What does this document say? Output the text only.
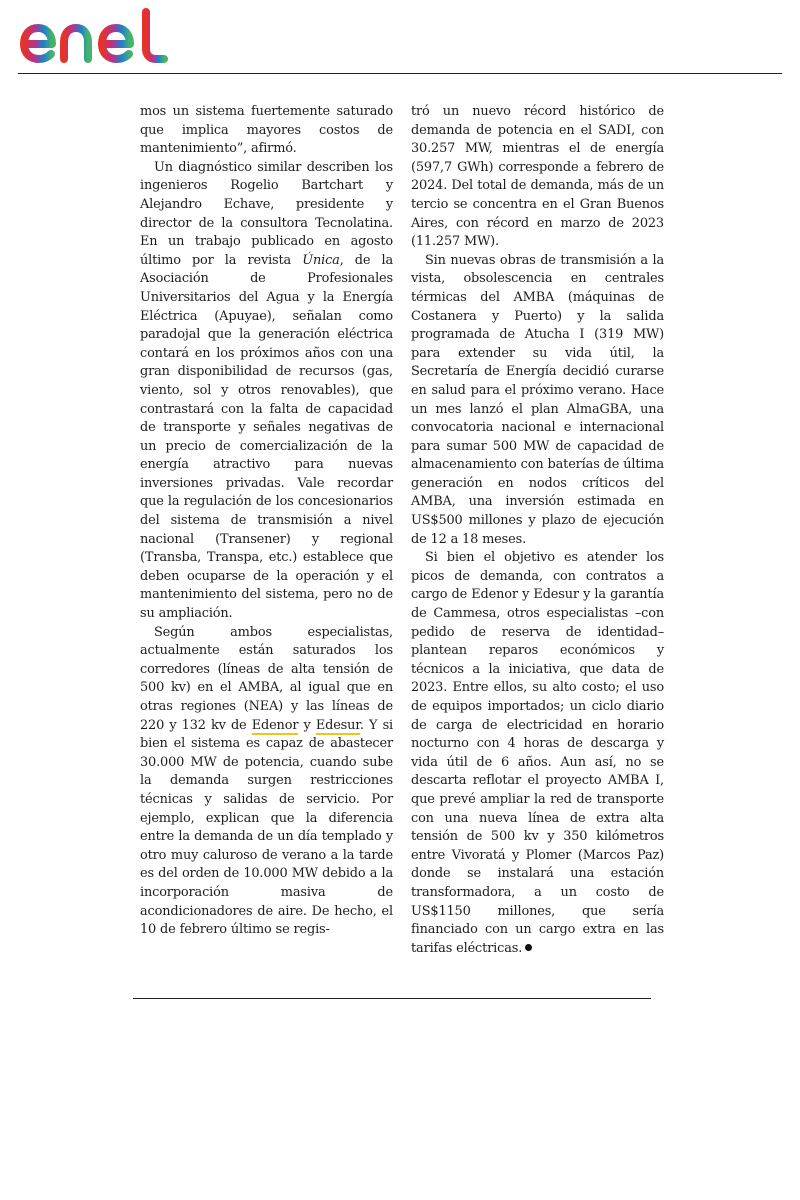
mos un sistema fuertemente saturado que implica mayores costos de mantenimiento”, afirmó.

Un diagnóstico similar describen los ingenieros Rogelio Bartchart y Alejandro Echave, presidente y director de la consultora Tecnolatina. En un trabajo publicado en agosto último por la revista Única, de la Asociación de Profesionales Universitarios del Agua y la Energía Eléctrica (Apuyae), señalan como paradojal que la generación eléctrica contará en los próximos años con una gran disponibilidad de recursos (gas, viento, sol y otros renovables), que contrastará con la falta de capacidad de transporte y señales negativas de un precio de comercialización de la energía atractivo para nuevas inversiones privadas. Vale recordar que la regulación de los concesionarios del sistema de transmisión a nivel nacional (Transener) y regional (Transba, Transpa, etc.) establece que deben ocuparse de la operación y el mantenimiento del sistema, pero no de su ampliación.

Según ambos especialistas, actualmente están saturados los corredores (líneas de alta tensión de 500 kv) en el AMBA, al igual que en otras regiones (NEA) y las líneas de 220 y 132 kv de Edenor y Edesur. Y si bien el sistema es capaz de abastecer 30.000 MW de potencia, cuando sube la demanda surgen restricciones técnicas y salidas de servicio. Por ejemplo, explican que la diferencia entre la demanda de un día templado y otro muy caluroso de verano a la tarde es del orden de 10.000 MW debido a la incorporación masiva de acondicionadores de aire. De hecho, el 10 de febrero último se regis-

tró un nuevo récord histórico de demanda de potencia en el SADI, con 30.257 MW, mientras el de energía (597,7 GWh) corresponde a febrero de 2024. Del total de demanda, más de un tercio se concentra en el Gran Buenos Aires, con récord en marzo de 2023 (11.257 MW).

Sin nuevas obras de transmisión a la vista, obsolescencia en centrales térmicas del AMBA (máquinas de Costanera y Puerto) y la salida programada de Atucha I (319 MW) para extender su vida útil, la Secretaría de Energía decidió curarse en salud para el próximo verano. Hace un mes lanzó el plan AlmaGBA, una convocatoria nacional e internacional para sumar 500 MW de capacidad de almacenamiento con baterías de última generación en nodos críticos del AMBA, una inversión estimada en US$500 millones y plazo de ejecución de 12 a 18 meses.

Si bien el objetivo es atender los picos de demanda, con contratos a cargo de Edenor y Edesur y la garantía de Cammesa, otros especialistas –con pedido de reserva de identidad– plantean reparos económicos y técnicos a la iniciativa, que data de 2023. Entre ellos, su alto costo; el uso de equipos importados; un ciclo diario de carga de electricidad en horario nocturno con 4 horas de descarga y vida útil de 6 años. Aun así, no se descarta reflotar el proyecto AMBA I, que prevé ampliar la red de transporte con una nueva línea de extra alta tensión de 500 kv y 350 kilómetros entre Vivoratá y Plomer (Marcos Paz) donde se instalará una estación transformadora, a un costo de US$1150 millones, que sería financiado con un cargo extra en las tarifas eléctricas.
